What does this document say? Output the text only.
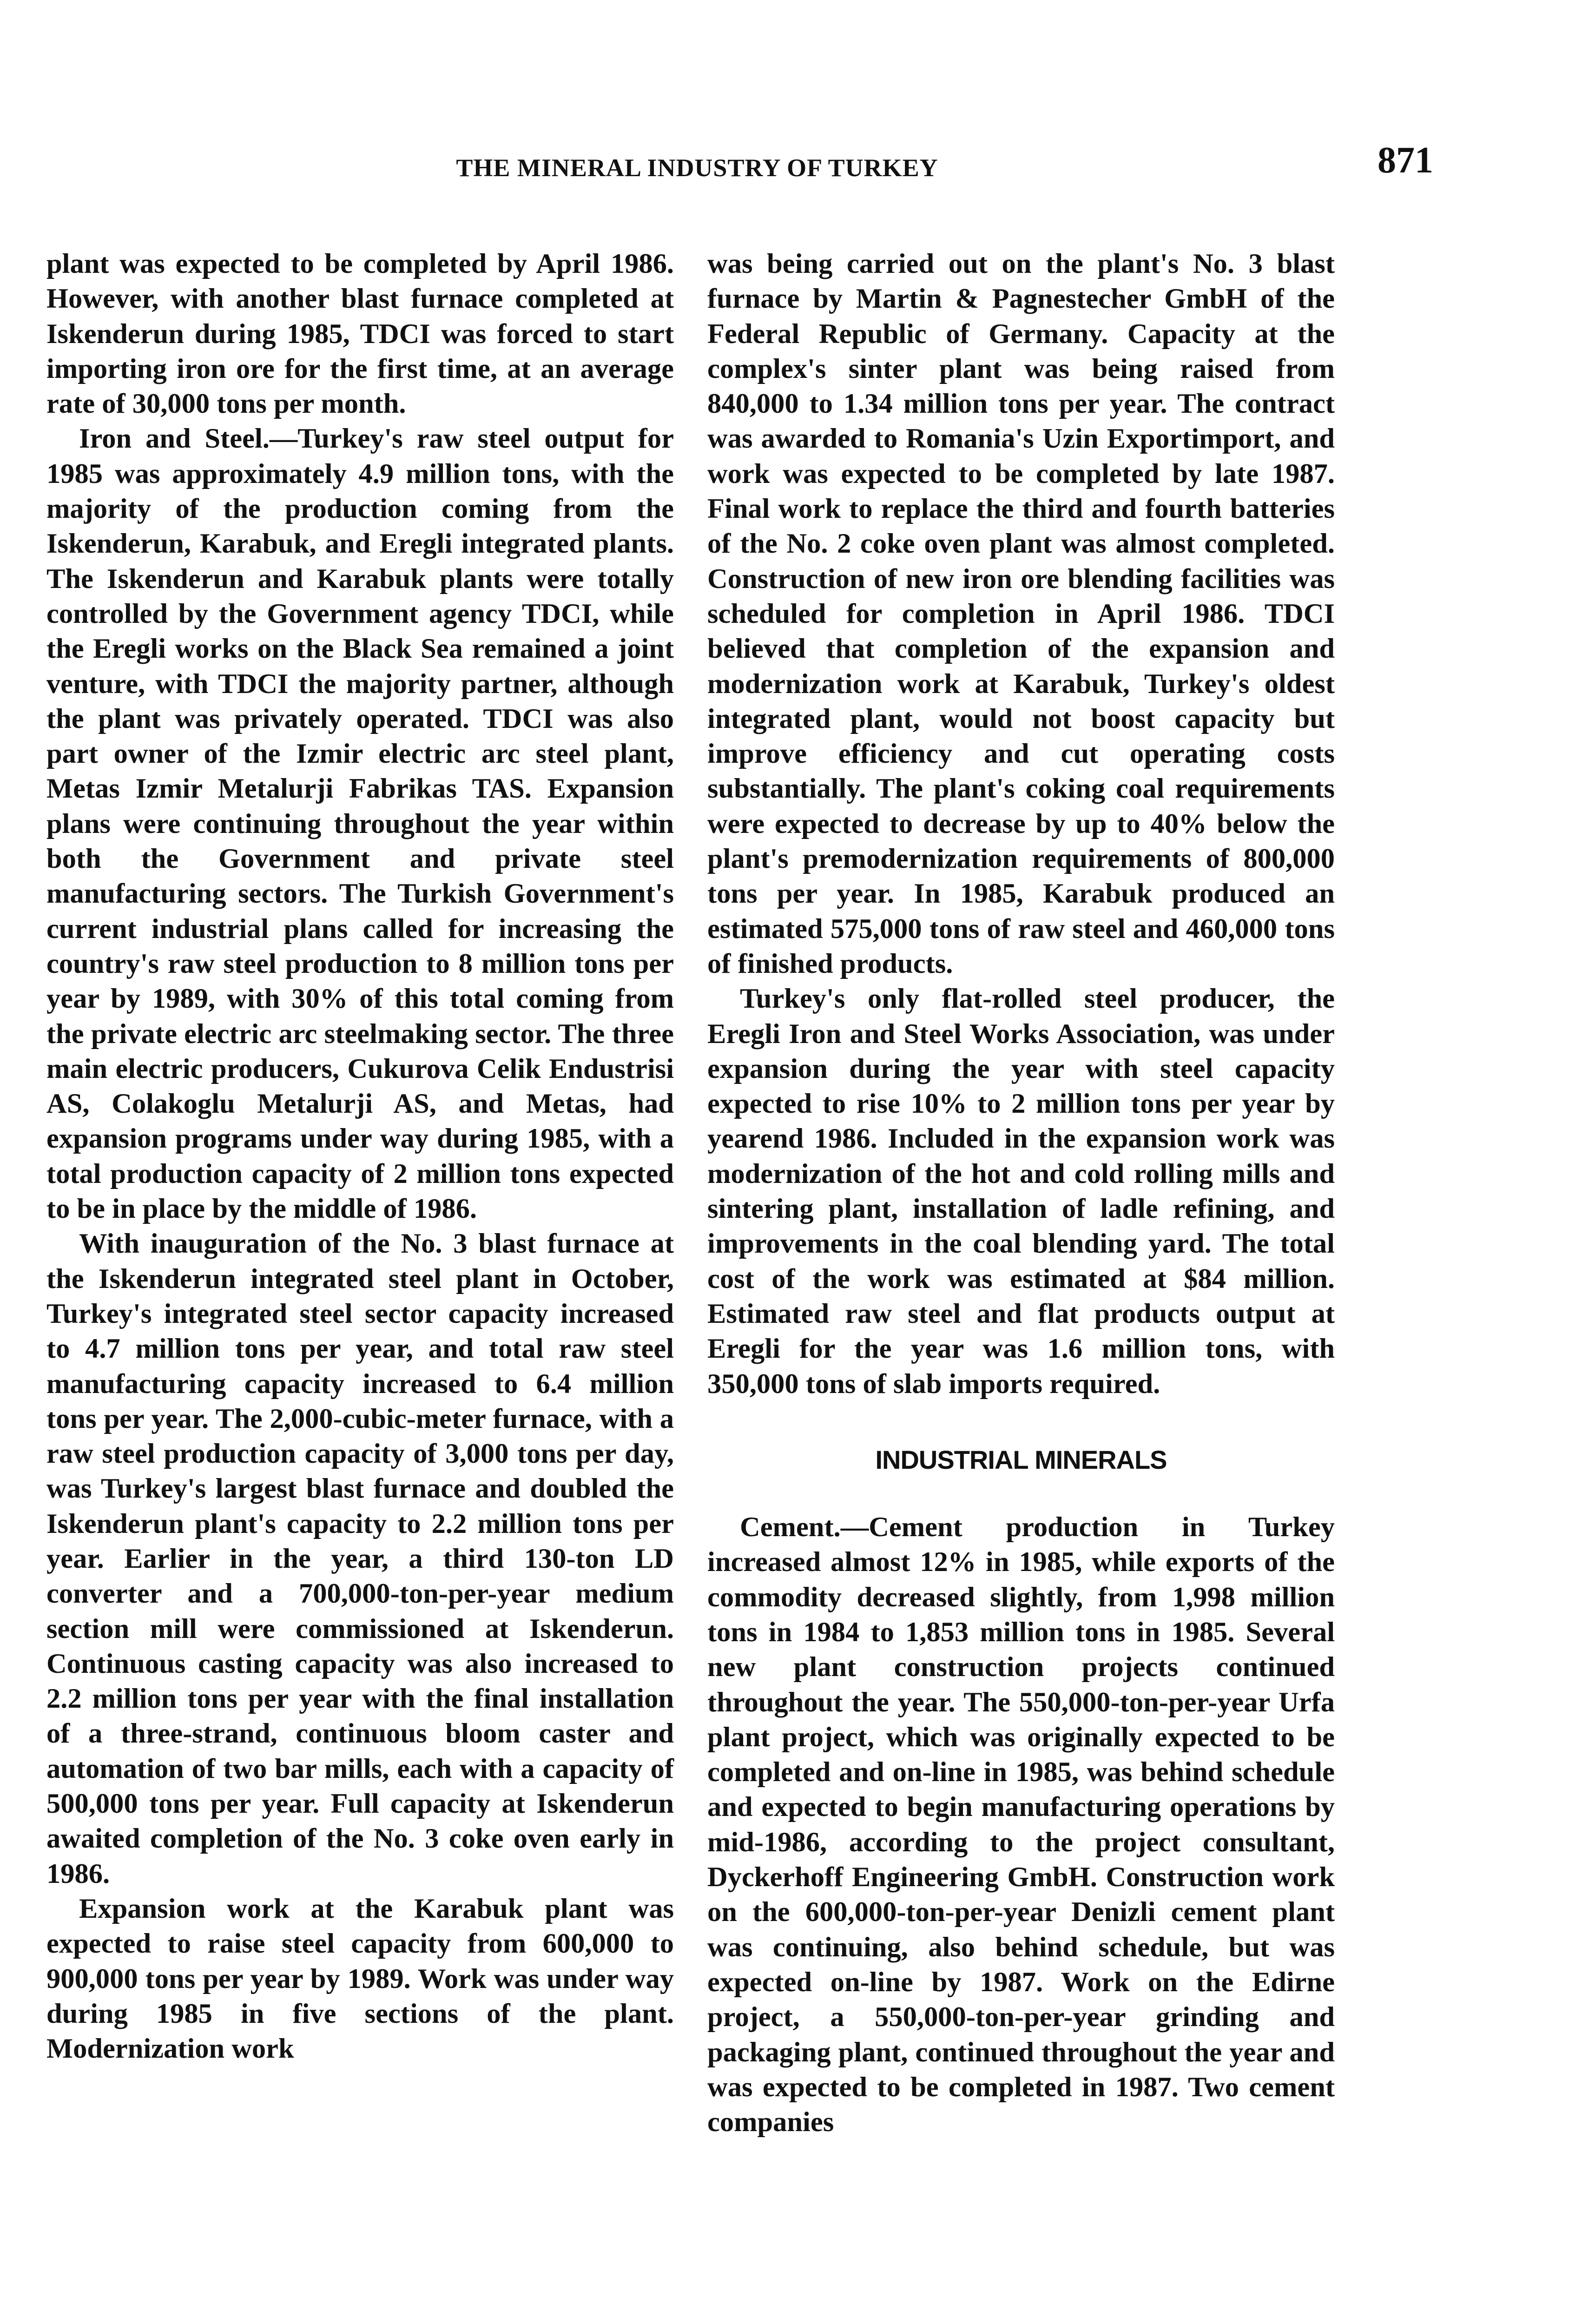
THE MINERAL INDUSTRY OF TURKEY	871

plant was expected to be completed by April 1986. However, with another blast furnace completed at Iskenderun during 1985, TDCI was forced to start importing iron ore for the first time, at an average rate of 30,000 tons per month.

Iron and Steel.—Turkey's raw steel output for 1985 was approximately 4.9 million tons, with the majority of the production coming from the Iskenderun, Karabuk, and Eregli integrated plants. The Iskenderun and Karabuk plants were totally controlled by the Government agency TDCI, while the Eregli works on the Black Sea remained a joint venture, with TDCI the majority partner, although the plant was privately operated. TDCI was also part owner of the Izmir electric arc steel plant, Metas Izmir Metalurji Fabrikas TAS. Expansion plans were continuing throughout the year within both the Government and private steel manufacturing sectors. The Turkish Government's current industrial plans called for increasing the country's raw steel production to 8 million tons per year by 1989, with 30% of this total coming from the private electric arc steelmaking sector. The three main electric producers, Cukurova Celik Endustrisi AS, Colakoglu Metalurji AS, and Metas, had expansion programs under way during 1985, with a total production capacity of 2 million tons expected to be in place by the middle of 1986.

With inauguration of the No. 3 blast furnace at the Iskenderun integrated steel plant in October, Turkey's integrated steel sector capacity increased to 4.7 million tons per year, and total raw steel manufacturing capacity increased to 6.4 million tons per year. The 2,000-cubic-meter furnace, with a raw steel production capacity of 3,000 tons per day, was Turkey's largest blast furnace and doubled the Iskenderun plant's capacity to 2.2 million tons per year. Earlier in the year, a third 130-ton LD converter and a 700,000-ton-per-year medium section mill were commissioned at Iskenderun. Continuous casting capacity was also increased to 2.2 million tons per year with the final installation of a three-strand, continuous bloom caster and automation of two bar mills, each with a capacity of 500,000 tons per year. Full capacity at Iskenderun awaited completion of the No. 3 coke oven early in 1986.

Expansion work at the Karabuk plant was expected to raise steel capacity from 600,000 to 900,000 tons per year by 1989. Work was under way during 1985 in five sections of the plant. Modernization work

was being carried out on the plant's No. 3 blast furnace by Martin & Pagnestecher GmbH of the Federal Republic of Germany. Capacity at the complex's sinter plant was being raised from 840,000 to 1.34 million tons per year. The contract was awarded to Romania's Uzin Exportimport, and work was expected to be completed by late 1987. Final work to replace the third and fourth batteries of the No. 2 coke oven plant was almost completed. Construction of new iron ore blending facilities was scheduled for completion in April 1986. TDCI believed that completion of the expansion and modernization work at Karabuk, Turkey's oldest integrated plant, would not boost capacity but improve efficiency and cut operating costs substantially. The plant's coking coal requirements were expected to decrease by up to 40% below the plant's premodernization requirements of 800,000 tons per year. In 1985, Karabuk produced an estimated 575,000 tons of raw steel and 460,000 tons of finished products.

Turkey's only flat-rolled steel producer, the Eregli Iron and Steel Works Association, was under expansion during the year with steel capacity expected to rise 10% to 2 million tons per year by yearend 1986. Included in the expansion work was modernization of the hot and cold rolling mills and sintering plant, installation of ladle refining, and improvements in the coal blending yard. The total cost of the work was estimated at $84 million. Estimated raw steel and flat products output at Eregli for the year was 1.6 million tons, with 350,000 tons of slab imports required.

INDUSTRIAL MINERALS

Cement.—Cement production in Turkey increased almost 12% in 1985, while exports of the commodity decreased slightly, from 1,998 million tons in 1984 to 1,853 million tons in 1985. Several new plant construction projects continued throughout the year. The 550,000-ton-per-year Urfa plant project, which was originally expected to be completed and on-line in 1985, was behind schedule and expected to begin manufacturing operations by mid-1986, according to the project consultant, Dyckerhoff Engineering GmbH. Construction work on the 600,000-ton-per-year Denizli cement plant was continuing, also behind schedule, but was expected on-line by 1987. Work on the Edirne project, a 550,000-ton-per-year grinding and packaging plant, continued throughout the year and was expected to be completed in 1987. Two cement companies
